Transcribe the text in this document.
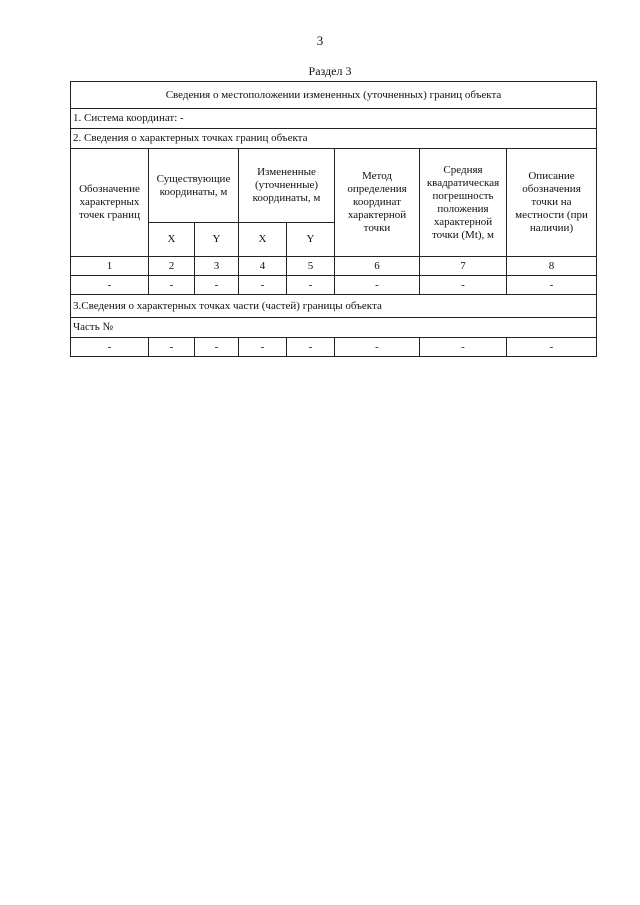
3
Раздел 3
Сведения о местоположении измененных (уточненных) границ объекта							
1. Система координат: -							
2. Сведения о характерных точках границ объекта							
Обозначение характерных точек границ	Существующие координаты, м		Измененные (уточненные) координаты, м		Метод определения координат характерной точки	Средняя квадратическая погрешность положения характерной точки (Mt), м	Описание обозначения точки на местности (при наличии)
	X	Y	X	Y			
1	2	3	4	5	6	7	8
-	-	-	-	-	-	-	-
3.Сведения о характерных точках части (частей) границы объекта							
Часть №							
-	-	-	-	-	-	-	-
